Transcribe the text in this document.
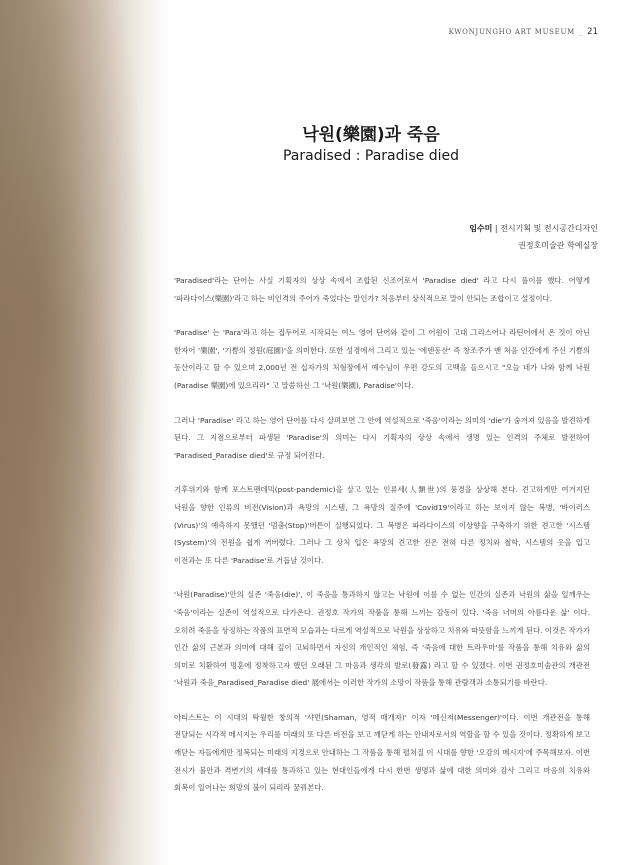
KWONJUNGHO ART MUSEUM _ 21
낙원(樂園)과 죽음
Paradised : Paradise died
임수미 | 전시기획 및 전시공간디자인
권정호미술관 학예실장

'Paradised'라는 단어는 사실 기획자의 상상 속에서 조합된 신조어로서 'Paradise died' 라고 다시 풀이를 했다. 어떻게 '파라다이스(樂園)'라고 하는 비인격의 주어가 죽었다는 말인가? 처음부터 상식적으로 말이 안되는 조합이고 설정이다.

'Paradise' 는 'Para'라고 하는 접두어로 시작되는 여느 영어 단어와 같이 그 어원이 고대 그리스어나 라틴어에서 온 것이 아닌 한자어 '樂園', '기쁨의 정원(庭園)'을 의미한다. 또한 성경에서 그리고 있는 '에덴동산' 즉 창조주가 맨 처음 인간에게 주신 기쁨의 동산이라고 할 수 있으며 2,000년 전 십자가의 처형장에서 예수님이 우편 강도의 고백을 들으시고 "오늘 네가 나와 함께 낙원(Paradise 樂園)에 있으리라" 고 말씀하신 그 '낙원(樂園), Paradise'이다.

그러나 'Paradise' 라고 하는 영어 단어를 다시 살펴보면 그 안에 역설적으로 '죽음'이라는 의미의 'die'가 숨겨져 있음을 발견하게 된다. 그 지점으로부터 파생된 'Paradise'의 의미는 다시 기획자의 상상 속에서 생명 있는 인격의 주체로 발전하여 'Paradised_Paradise died'로 규정 되어진다.

기후위기와 함께 포스트팬데믹(post-pandemic)을 살고 있는 인류세(人類世)의 풍경을 상상해 본다. 견고하게만 여겨지던 낙원을 향한 인류의 비전(Vision)과 욕망의 시스템, 그 욕망의 질주에 'Covid19'이라고 하는 보이지 않는 복병, '바이러스(Virus)'의 예측하지 못했던 '멈춤(Stop)'버튼이 실행되었다. 그 복병은 파라다이스의 이상향을 구축하기 위한 견고한 '시스템(System)'의 전원을 쉽게 꺼버렸다. 그러나 그 상처 입은 욕망의 견고한 진은 전혀 다른 정치와 철학, 시스템의 옷을 입고 이전과는 또 다른 'Paradise'로 거듭날 것이다.

'낙원(Paradise)'안의 실존 '죽음(die)', 이 죽음을 통과하지 않고는 낙원에 이를 수 없는 인간의 실존과 낙원의 삶을 일깨우는 '죽음'이라는 실존이 역설적으로 다가온다. 권정호 작가의 작품을 통해 느끼는 감동이 있다. '죽음 너머의 아름다운 삶' 이다. 오히려 죽음을 상징하는 작품의 표면적 모습과는 다르게 역설적으로 낙원을 상상하고 치유와 따뜻함을 느끼게 된다. 이것은 작가가 인간 삶의 근본과 의미에 대해 깊이 고뇌하면서 자신의 개인적인 체험, 즉 '죽음에 대한 트라우마'를 작품을 통해 치유와 삶의 의미로 치환하여 명훈에 정착하고자 했던 오래된 그 마음과 생각의 발로(發露) 라고 할 수 있겠다. 이번 권정호미술관의 개관전 '낙원과 죽음_Paradised_Paradise died' 展에서는 이러한 작가의 소망이 작품을 통해 관람객과 소통되기를 바란다.

아티스트는 이 시대의 탁월한 창의적 '샤먼(Shaman, 영적 매개자)' 이자 '메신저(Messenger)'이다. 이번 개관전을 통해 전달되는 시각적 메시지는 우리를 미래의 또 다른 비전을 보고 깨닫게 하는 안내자로서의 역할을 할 수 있을 것이다. 정확하게 보고 깨닫는 자들에게만 정복되는 미래의 지경으로 안내하는 그 작품을 통해 펼쳐질 이 시대를 향한 '오감의 메시지'에 주목해보자. 이번 전시가 불안과 격변기의 세대를 통과하고 있는 현대인들에게 다시 한번 생명과 삶에 대한 의미와 감사 그리고 마음의 치유와 회복이 일어나는 희망의 불이 되리라 꿈꿔본다.
